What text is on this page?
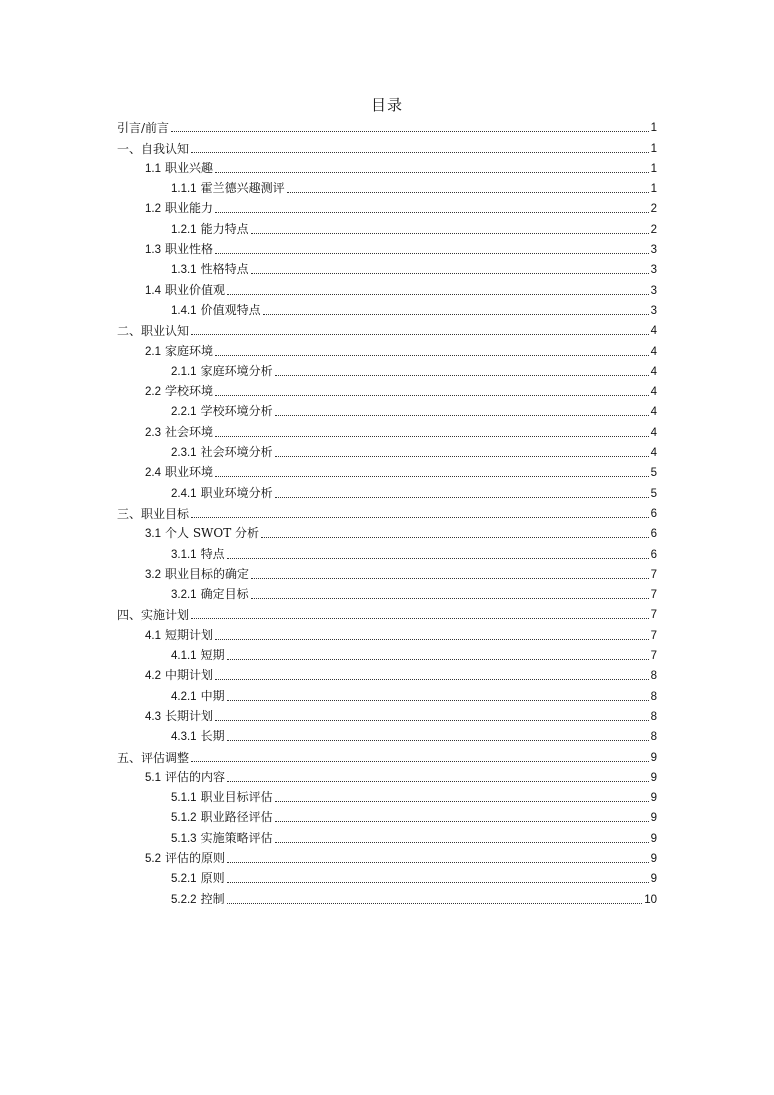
目录
引言/前言	1
一、自我认知	1
1.1 职业兴趣	1
1.1.1 霍兰德兴趣测评	1
1.2 职业能力	2
1.2.1 能力特点	2
1.3 职业性格	3
1.3.1 性格特点	3
1.4 职业价值观	3
1.4.1 价值观特点	3
二、职业认知	4
2.1 家庭环境	4
2.1.1 家庭环境分析	4
2.2 学校环境	4
2.2.1 学校环境分析	4
2.3 社会环境	4
2.3.1 社会环境分析	4
2.4 职业环境	5
2.4.1 职业环境分析	5
三、职业目标	6
3.1 个人 SWOT 分析	6
3.1.1 特点	6
3.2 职业目标的确定	7
3.2.1 确定目标	7
四、实施计划	7
4.1 短期计划	7
4.1.1 短期	7
4.2 中期计划	8
4.2.1 中期	8
4.3 长期计划	8
4.3.1 长期	8
五、评估调整	9
5.1 评估的内容	9
5.1.1 职业目标评估	9
5.1.2 职业路径评估	9
5.1.3 实施策略评估	9
5.2 评估的原则	9
5.2.1 原则	9
5.2.2 控制	10
